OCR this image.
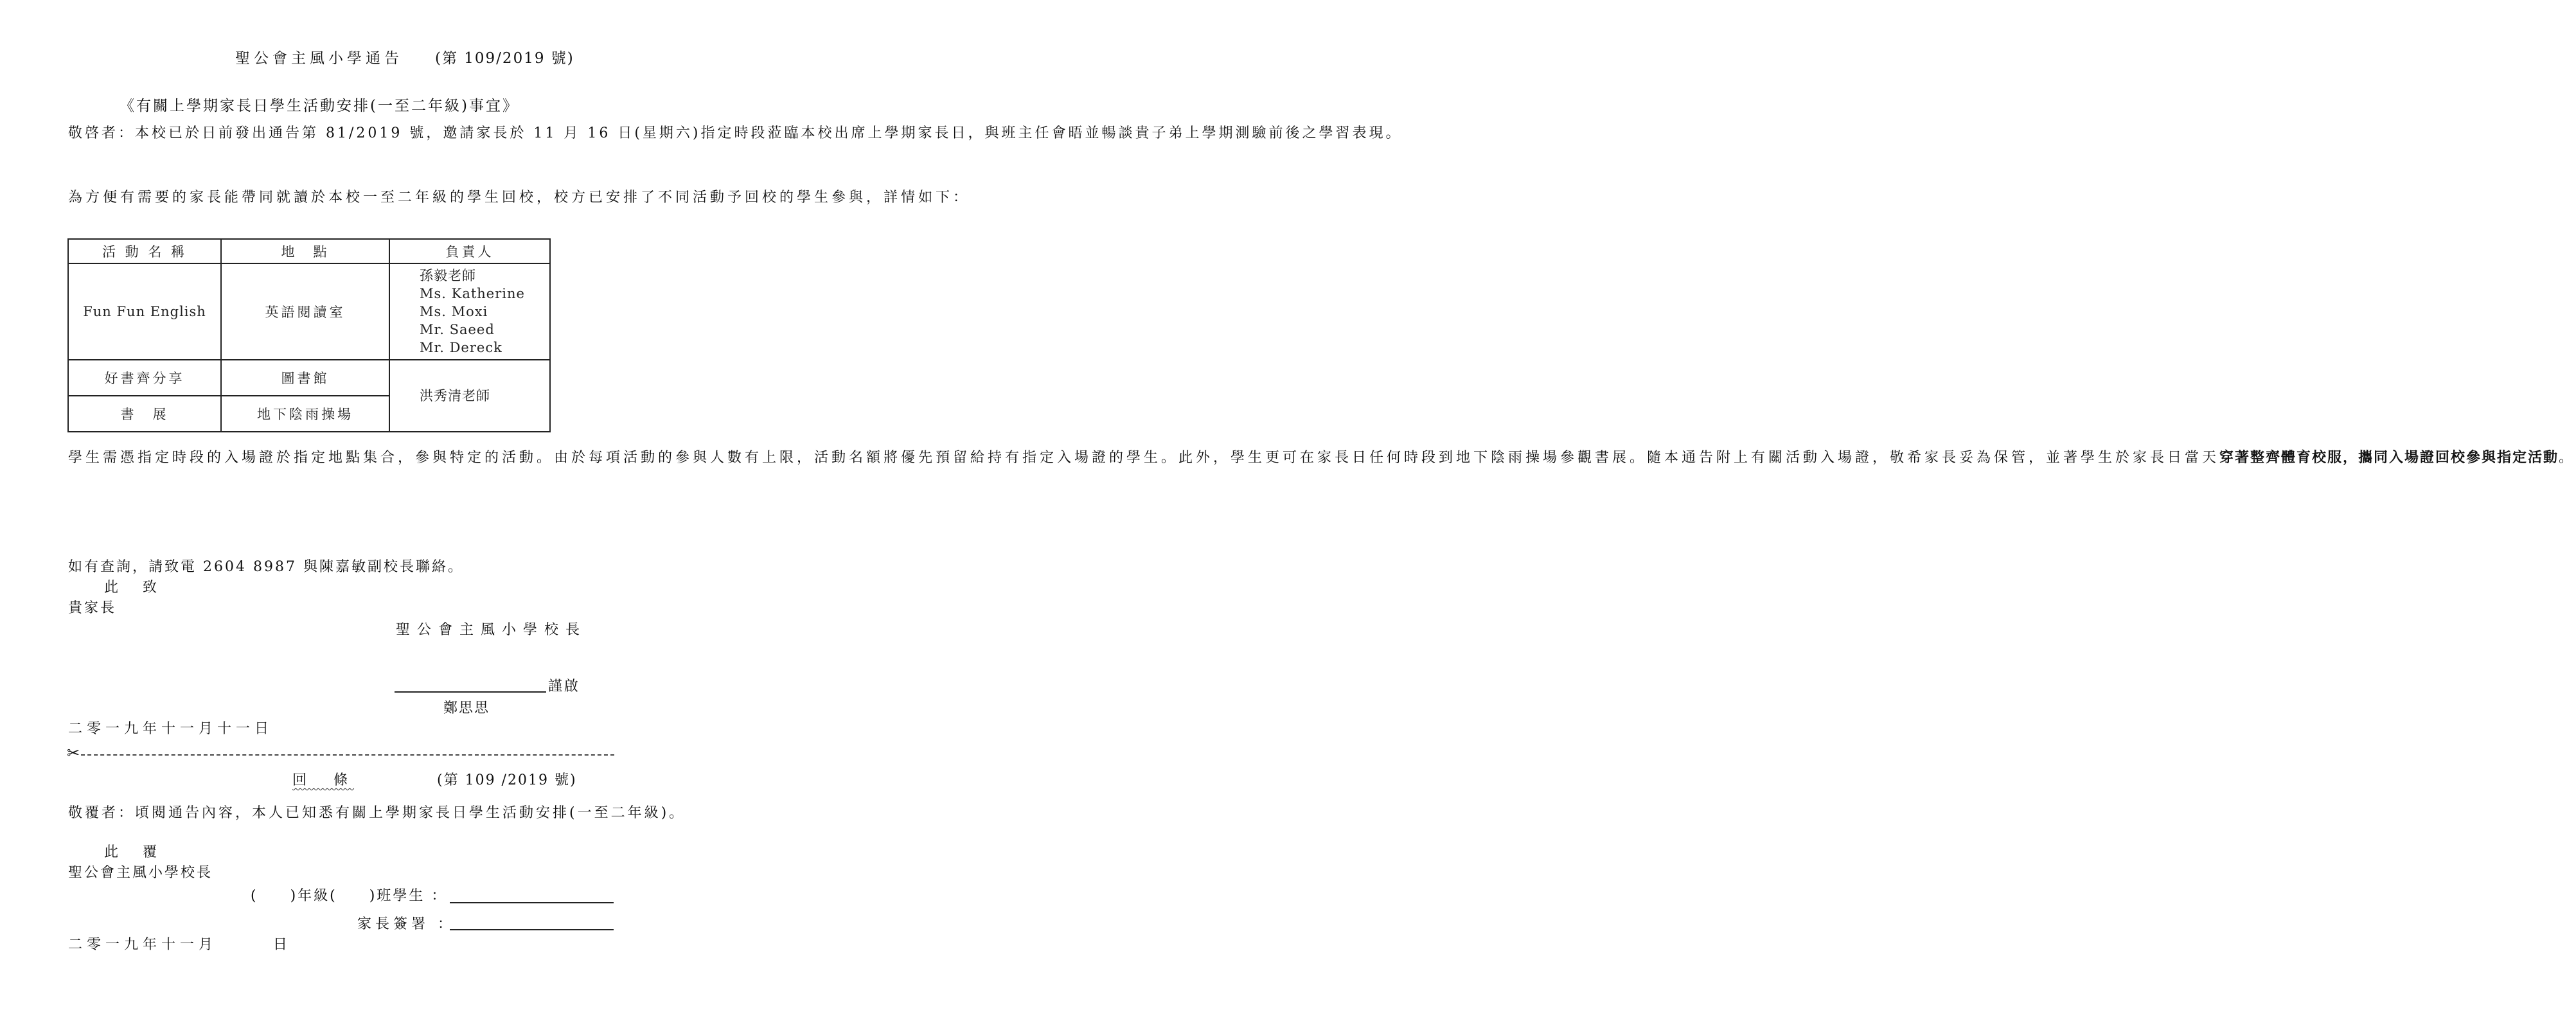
聖公會主風小學通告 (第 109/2019 號)
《有關上學期家長日學生活動安排(一至二年級)事宜》

敬啓者：本校已於日前發出通告第 81/2019 號，邀請家長於 11 月 16 日(星期六)指定時段蒞臨本校出席上學期家長日，與班主任會晤並暢談貴子弟上學期測驗前後之學習表現。

為方便有需要的家長能帶同就讀於本校一至二年級的學生回校，校方已安排了不同活動予回校的學生參與，詳情如下：

活 動 名 稱	地　點	負責人
Fun Fun English	英語閱讀室	孫毅老師
Ms. Katherine
Ms. Moxi
Mr. Saeed
Mr. Dereck

好書齊分享	圖書館	洪秀清老師

書　展	地下陰雨操場	

學生需憑指定時段的入場證於指定地點集合，參與特定的活動。由於每項活動的參與人數有上限，活動名額將優先預留給持有指定入場證的學生。此外，學生更可在家長日任何時段到地下陰雨操場參觀書展。隨本通告附上有關活動入場證，敬希家長妥為保管，並著學生於家長日當天穿著整齊體育校服，攜同入場證回校參與指定活動。

如有查詢，請致電 2604 8987 與陳嘉敏副校長聯絡。
此　致
貴家長
聖公會主風小學校長
謹啟
鄭思思
二零一九年十一月十一日
✂
回　條	(第 109 /2019 號)

敬覆者：頃閱通告內容，本人已知悉有關上學期家長日學生活動安排(一至二年級)。

此　覆
聖公會主風小學校長
(　　)年級(　　)班學生 ：
家長簽署 ：
二零一九年十一月　　　日
